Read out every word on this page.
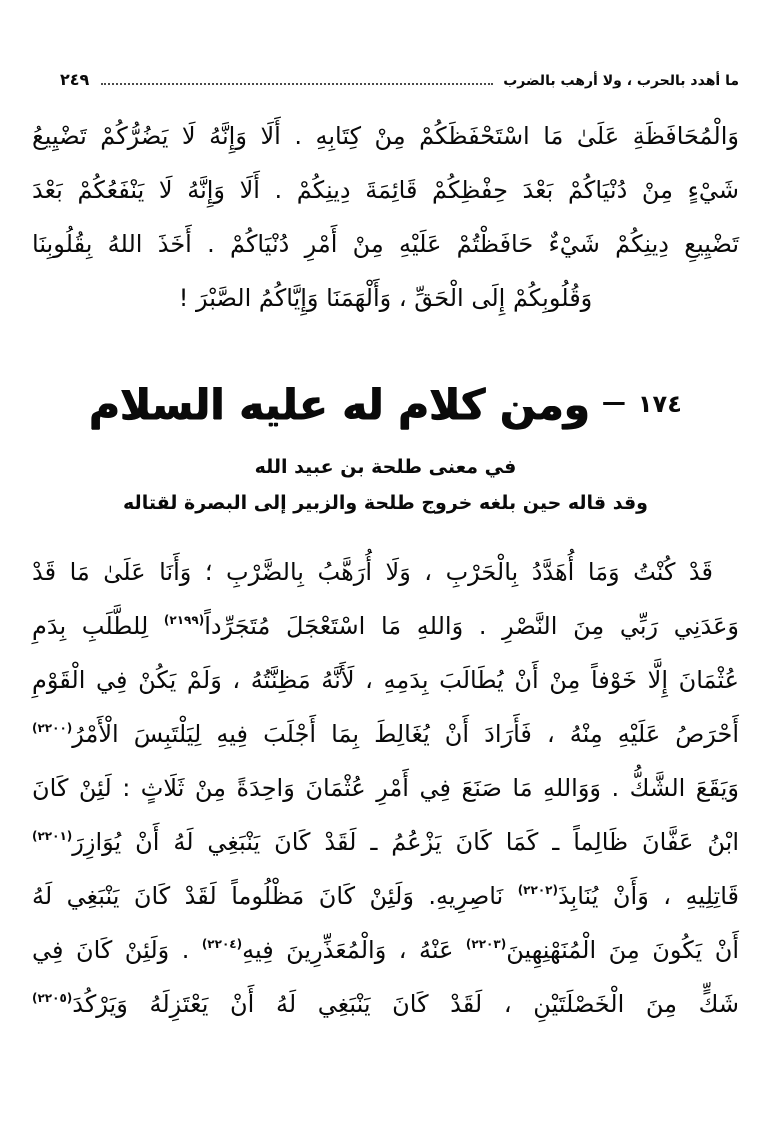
ما أهدد بالحرب ، ولا أرهب بالضرب
٢٤٩
وَالْمُحَافَظَةِ عَلَىٰ مَا اسْتَحْفَظَكُمْ مِنْ كِتَابِهِ . أَلَا وَإِنَّهُ لَا يَضُرُّكُمْ تَضْيِيعُ
شَيْءٍ مِنْ دُنْيَاكُمْ بَعْدَ حِفْظِكُمْ قَائِمَةَ دِينِكُمْ . أَلَا وَإِنَّهُ لَا يَنْفَعُكُمْ بَعْدَ
تَضْيِيعِ دِينِكُمْ شَيْءٌ حَافَظْتُمْ عَلَيْهِ مِنْ أَمْرِ دُنْيَاكُمْ . أَخَذَ اللهُ بِقُلُوبِنَا
وَقُلُوبِكُمْ إِلَى الْحَقِّ ، وَأَلْهَمَنَا وَإِيَّاكُمُ الصَّبْرَ !
١٧٤
—
ومن كلام له عليه السلام
في معنى طلحة بن عبيد الله
وقد قاله حين بلغه خروج طلحة والزبير إلى البصرة لقتاله
قَدْ كُنْتُ وَمَا أُهَدَّدُ بِالْحَرْبِ ، وَلَا أُرَهَّبُ بِالضَّرْبِ ؛ وَأَنَا عَلَىٰ مَا قَدْ
وَعَدَنِي رَبِّي مِنَ النَّصْرِ . وَاللهِ مَا اسْتَعْجَلَ مُتَجَرِّداً$^{(٢١٩٩)}$ لِلطَّلَبِ بِدَمِ
عُثْمَانَ إِلَّا خَوْفاً مِنْ أَنْ يُطَالَبَ بِدَمِهِ ، لَأَنَّهُ مَظِنَّتُهُ ، وَلَمْ يَكُنْ فِي الْقَوْمِ
أَحْرَصُ عَلَيْهِ مِنْهُ ، فَأَرَادَ أَنْ يُغَالِطَ بِمَا أَجْلَبَ فِيهِ لِيَلْتَبِسَ الْأَمْرُ$^{(٢٢٠٠)}$
وَيَقَعَ الشَّكُّ . وَوَاللهِ مَا صَنَعَ فِي أَمْرِ عُثْمَانَ وَاحِدَةً مِنْ ثَلَاثٍ : لَئِنْ كَانَ
ابْنُ عَفَّانَ ظَالِماً ـ كَمَا كَانَ يَزْعُمُ ـ لَقَدْ كَانَ يَنْبَغِي لَهُ أَنْ يُوَازِرَ$^{(٢٢٠١)}$
قَاتِلِيهِ ، وَأَنْ يُنَابِذَ$^{(٢٢٠٢)}$ نَاصِرِيهِ. وَلَئِنْ كَانَ مَظْلُوماً لَقَدْ كَانَ يَنْبَغِي لَهُ
أَنْ يَكُونَ مِنَ الْمُنَهْنِهِينَ$^{(٢٢٠٣)}$ عَنْهُ ، وَالْمُعَذِّرِينَ فِيهِ$^{(٢٢٠٤)}$ . وَلَئِنْ كَانَ فِي
شَكٍّ مِنَ الْخَصْلَتَيْنِ ، لَقَدْ كَانَ يَنْبَغِي لَهُ أَنْ يَعْتَزِلَهُ وَيَرْكُدَ$^{(٢٢٠٥)}$
